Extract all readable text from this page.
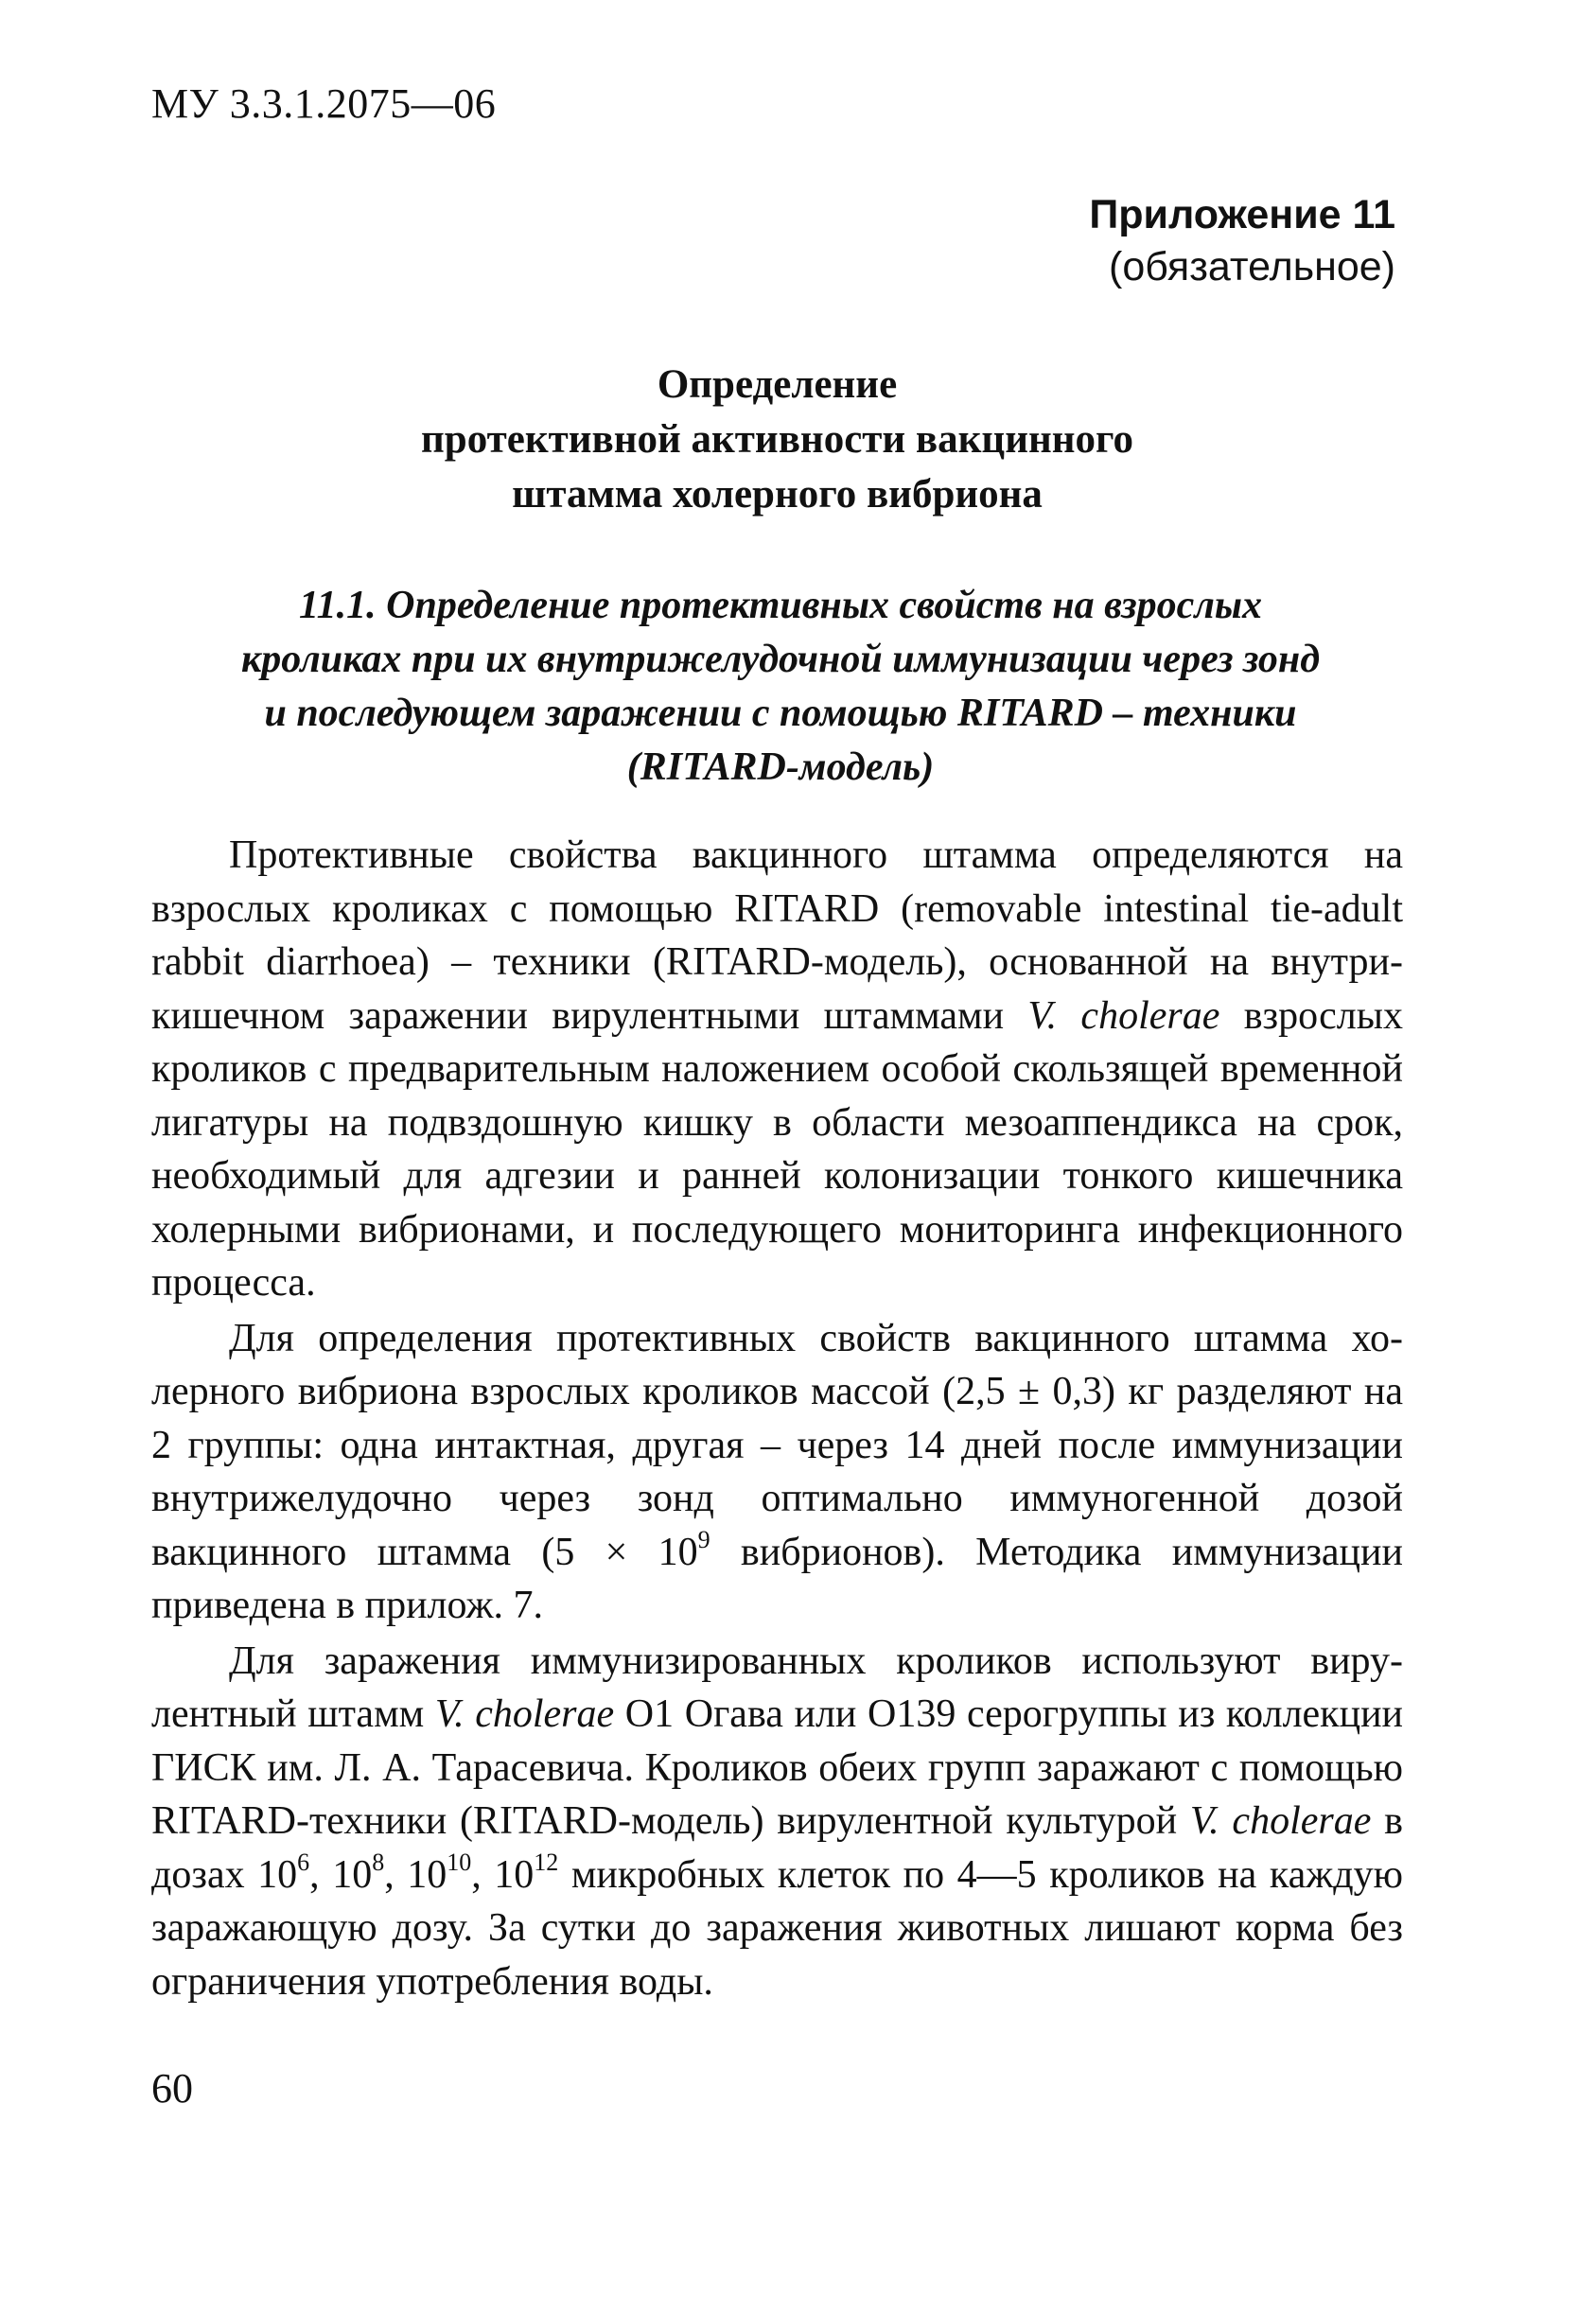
МУ 3.3.1.2075—06
Приложение 11
(обязательное)
Определение
протективной активности вакцинного
штамма холерного вибриона
11.1. Определение протективных свойств на взрослых
кроликах при их внутрижелудочной иммунизации через зонд
и последующем заражении с помощью RITARD – техники
(RITARD-модель)

Протективные свойства вакцинного штамма определяются на взрослых кроликах с помощью RITARD (removable intestinal tie-adult rabbit diarrhoea) – техники (RITARD-модель), основанной на внутрикишечном заражении вирулентными штаммами V. cholerae взрослых кроликов с предварительным наложением особой скользящей временной лигатуры на подвздошную кишку в области мезоаппендикса на срок, необходимый для адгезии и ранней колонизации тонкого кишечника холерными вибрионами, и последующего мониторинга инфекционного процесса.

Для определения протективных свойств вакцинного штамма холерного вибриона взрослых кроликов массой (2,5 ± 0,3) кг разделяют на 2 группы: одна интактная, другая – через 14 дней после иммунизации внутрижелудочно через зонд оптимально иммуногенной дозой вакцинного штамма ($5 \times 10^9$ вибрионов). Методика иммунизации приведена в прилож. 7.

Для заражения иммунизированных кроликов используют вирулентный штамм V. cholerae O1 Огава или O139 серогруппы из коллекции ГИСК им. Л. А. Тарасевича. Кроликов обеих групп заражают с помощью RITARD-техники (RITARD-модель) вирулентной культурой V. cholerae в дозах $10^6$, $10^8$, $10^{10}$, $10^{12}$ микробных клеток по 4—5 кроликов на каждую заражающую дозу. За сутки до заражения животных лишают корма без ограничения употребления воды.

60
